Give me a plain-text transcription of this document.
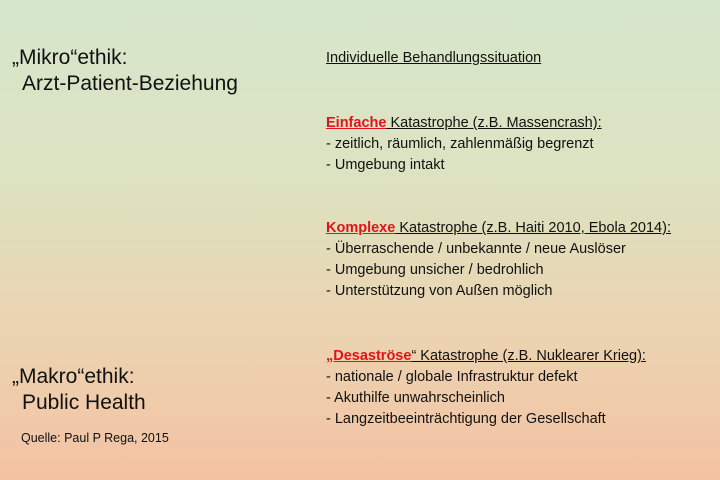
„Mikro“ethik:
Arzt-Patient-Beziehung
„Makro“ethik:
Public Health
Quelle: Paul P Rega, 2015
Individuelle Behandlungssituation
Einfache Katastrophe (z.B. Massencrash):
- zeitlich, räumlich, zahlenmäßig begrenzt
- Umgebung intakt
Komplexe Katastrophe (z.B. Haiti 2010, Ebola 2014):
- Überraschende / unbekannte / neue Auslöser
- Umgebung unsicher / bedrohlich
- Unterstützung von Außen möglich
„Desaströse“ Katastrophe (z.B. Nuklearer Krieg):
- nationale / globale Infrastruktur defekt
- Akuthilfe unwahrscheinlich
- Langzeitbeeinträchtigung der Gesellschaft
